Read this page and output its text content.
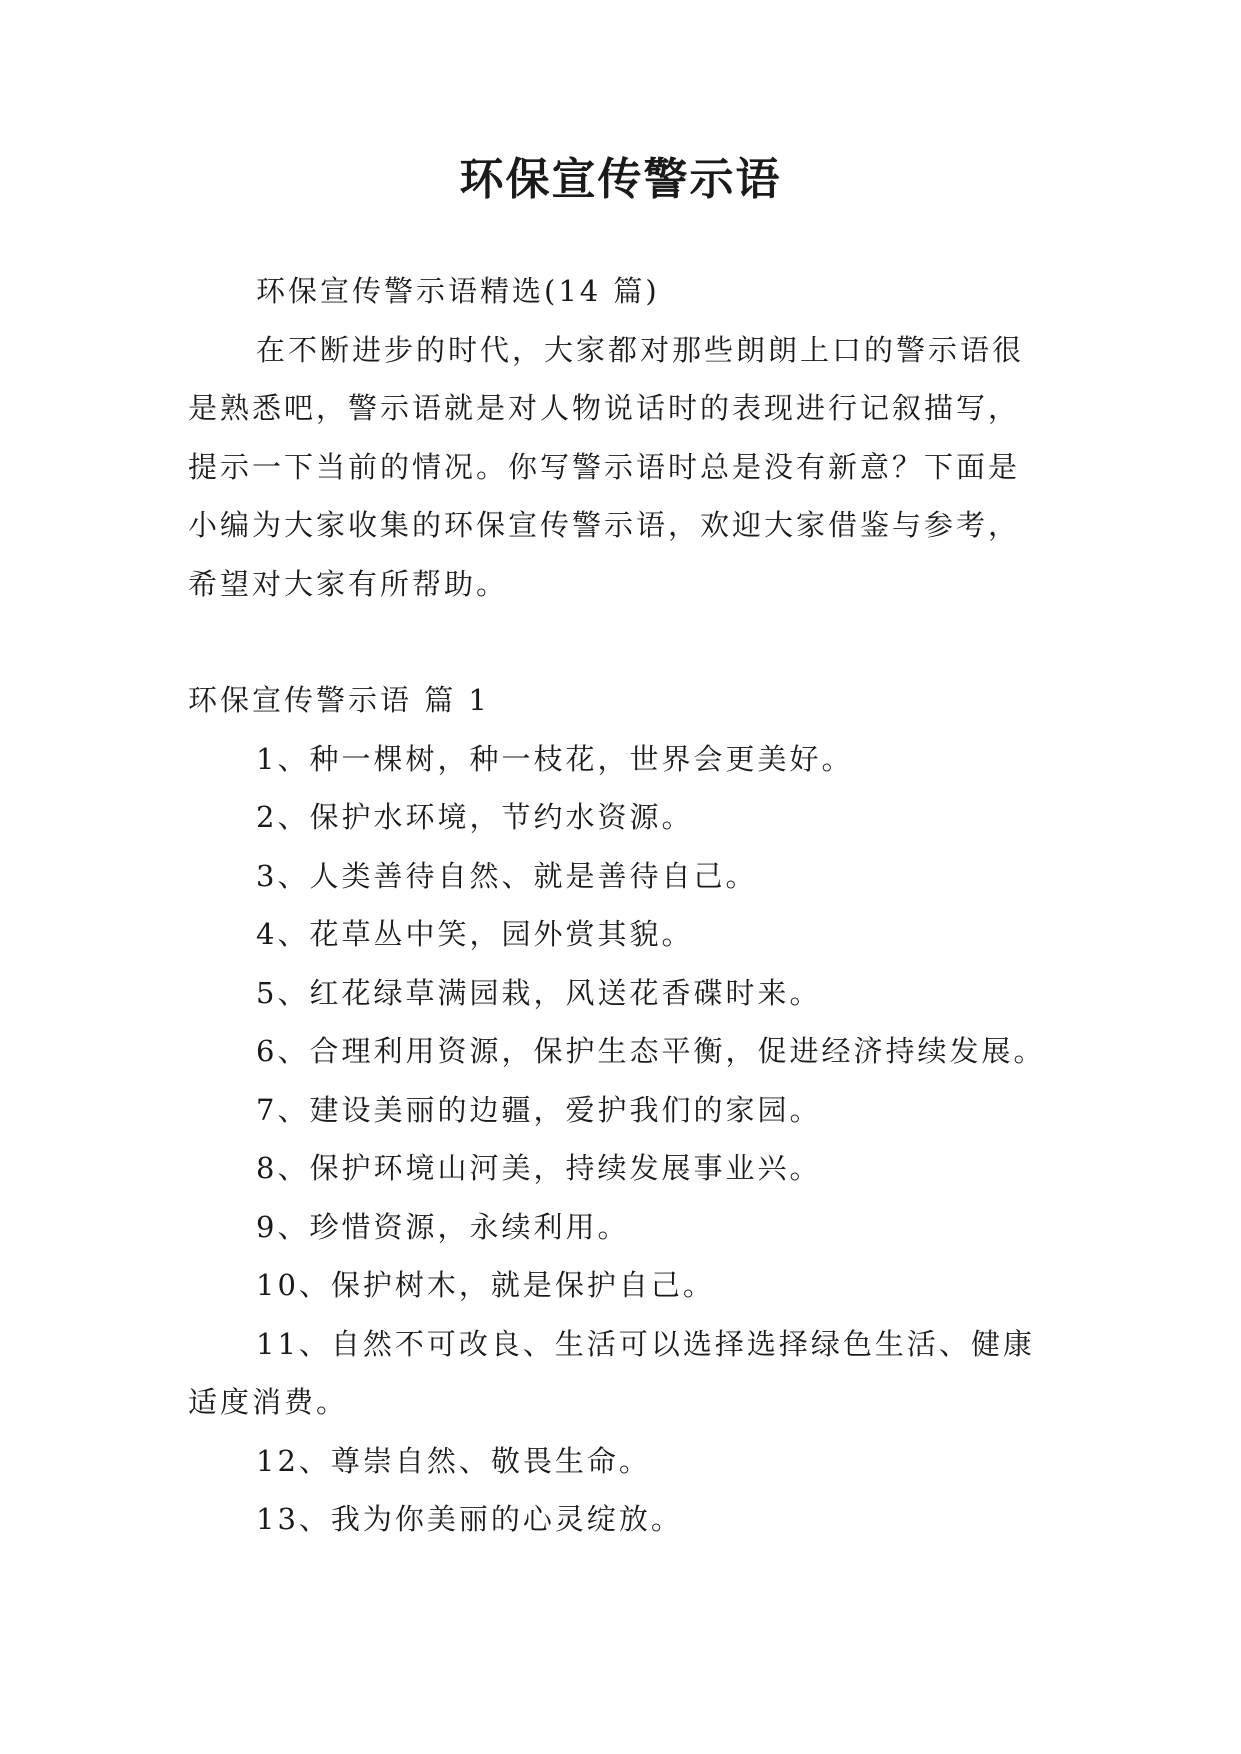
环保宣传警示语

环保宣传警示语精选(14 篇)

在不断进步的时代，大家都对那些朗朗上口的警示语很

是熟悉吧，警示语就是对人物说话时的表现进行记叙描写，

提示一下当前的情况。你写警示语时总是没有新意？下面是

小编为大家收集的环保宣传警示语，欢迎大家借鉴与参考，

希望对大家有所帮助。

环保宣传警示语 篇 1

1、种一棵树，种一枝花，世界会更美好。

2、保护水环境，节约水资源。

3、人类善待自然、就是善待自己。

4、花草丛中笑，园外赏其貌。

5、红花绿草满园栽，风送花香碟时来。

6、合理利用资源，保护生态平衡，促进经济持续发展。

7、建设美丽的边疆，爱护我们的家园。

8、保护环境山河美，持续发展事业兴。

9、珍惜资源，永续利用。

10、保护树木，就是保护自己。

11、自然不可改良、生活可以选择选择绿色生活、健康

适度消费。

12、尊崇自然、敬畏生命。

13、我为你美丽的心灵绽放。
